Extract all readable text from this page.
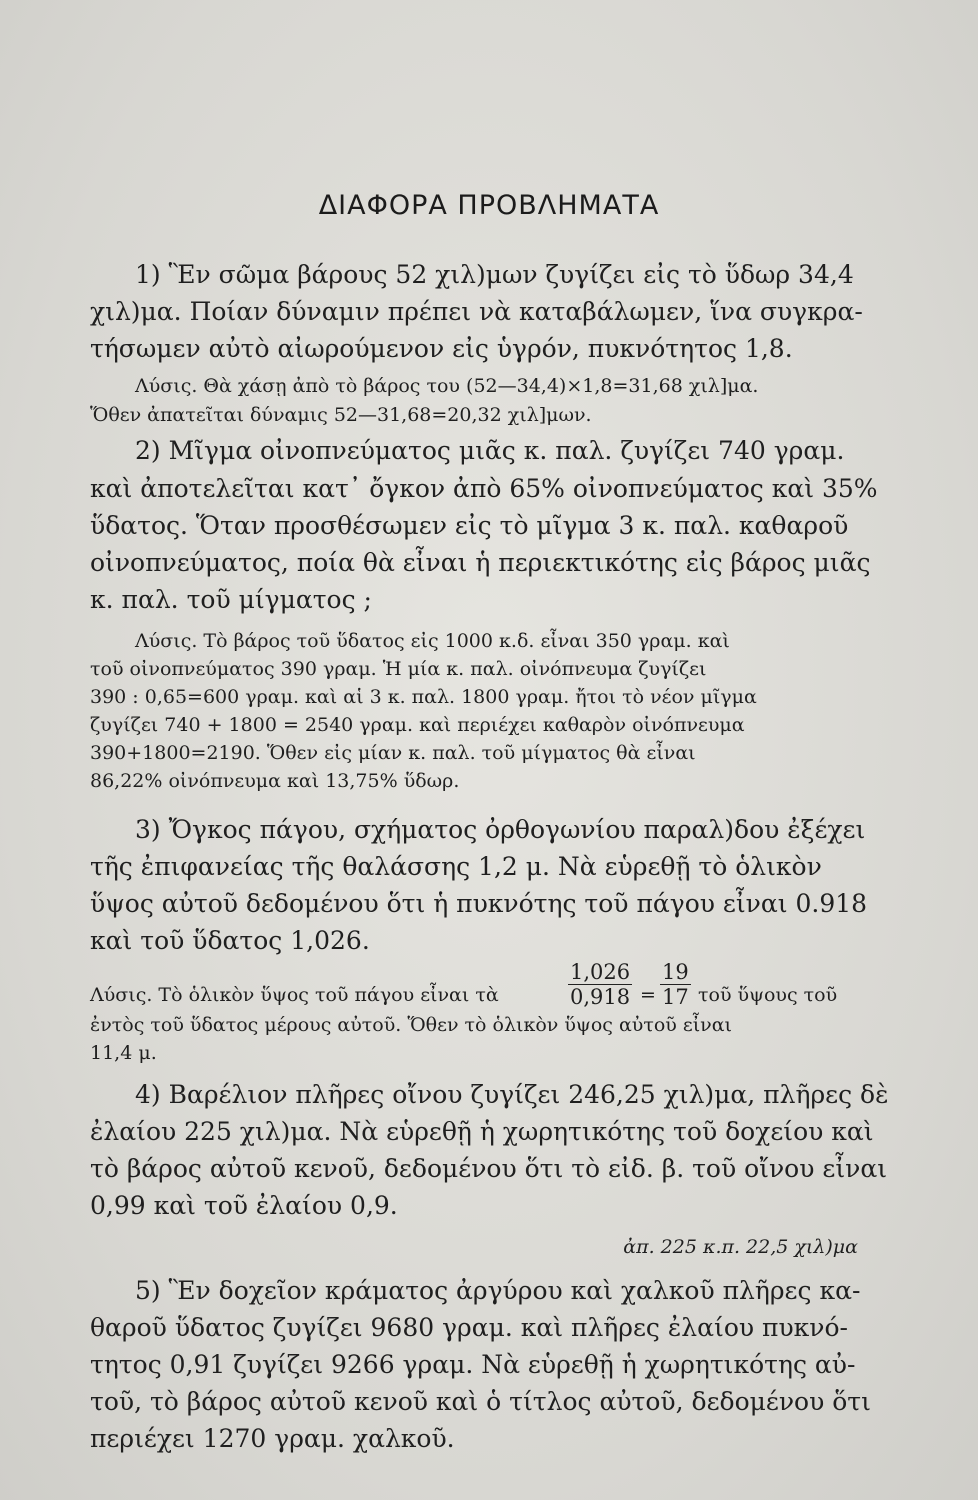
ΔΙΑΦΟΡΑ ΠΡΟΒΛΗΜΑΤΑ
1) Ἓν σῶμα βάρους 52 χιλ)μων ζυγίζει εἰς τὸ ὕδωρ 34,4
χιλ)μα. Ποίαν δύναμιν πρέπει νὰ καταβάλωμεν, ἵνα συγκρα-
τήσωμεν αὐτὸ αἰωρούμενον εἰς ὑγρόν, πυκνότητος 1,8.
Λύσις. Θὰ χάσῃ ἀπὸ τὸ βάρος του (52—34,4)×1,8=31,68 χιλ]μα.
Ὅθεν ἀπατεῖται δύναμις 52—31,68=20,32 χιλ]μων.
2) Μῖγμα οἰνοπνεύματος μιᾶς κ. παλ. ζυγίζει 740 γραμ.
καὶ ἀποτελεῖται κατ᾽ ὄγκον ἀπὸ 65% οἰνοπνεύματος καὶ 35%
ὕδατος. Ὅταν προσθέσωμεν εἰς τὸ μῖγμα 3 κ. παλ. καθαροῦ
οἰνοπνεύματος, ποία θὰ εἶναι ἡ περιεκτικότης εἰς βάρος μιᾶς
κ. παλ. τοῦ μίγματος ;
Λύσις. Τὸ βάρος τοῦ ὕδατος εἰς 1000 κ.δ. εἶναι 350 γραμ. καὶ
τοῦ οἰνοπνεύματος 390 γραμ. Ἡ μία κ. παλ. οἰνόπνευμα ζυγίζει
390 : 0,65=600 γραμ. καὶ αἱ 3 κ. παλ. 1800 γραμ. ἤτοι τὸ νέον μῖγμα
ζυγίζει 740 + 1800 = 2540 γραμ. καὶ περιέχει καθαρὸν οἰνόπνευμα
390+1800=2190. Ὅθεν εἰς μίαν κ. παλ. τοῦ μίγματος θὰ εἶναι
86,22% οἰνόπνευμα καὶ 13,75% ὕδωρ.
3) Ὄγκος πάγου, σχήματος ὀρθογωνίου παραλ)δου ἐξέχει
τῆς ἐπιφανείας τῆς θαλάσσης 1,2 μ. Νὰ εὑρεθῇ τὸ ὁλικὸν
ὕψος αὐτοῦ δεδομένου ὅτι ἡ πυκνότης τοῦ πάγου εἶναι 0.918
καὶ τοῦ ὕδατος 1,026.
Λύσις. Τὸ ὁλικὸν ὕψος τοῦ πάγου εἶναι τὰ	$\frac{1,026}{0,918} = \frac{19}{17}$ τοῦ ὕψους τοῦ
ἐντὸς τοῦ ὕδατος μέρους αὐτοῦ. Ὅθεν τὸ ὁλικὸν ὕψος αὐτοῦ εἶναι
11,4 μ.
4) Βαρέλιον πλῆρες οἴνου ζυγίζει 246,25 χιλ)μα, πλῆρες δὲ
ἐλαίου 225 χιλ)μα. Νὰ εὑρεθῇ ἡ χωρητικότης τοῦ δοχείου καὶ
τὸ βάρος αὐτοῦ κενοῦ, δεδομένου ὅτι τὸ εἰδ. β. τοῦ οἴνου εἶναι
0,99 καὶ τοῦ ἐλαίου 0,9.
ἀπ. 225 κ.π. 22,5 χιλ)μα
5) Ἓν δοχεῖον κράματος ἀργύρου καὶ χαλκοῦ πλῆρες κα-
θαροῦ ὕδατος ζυγίζει 9680 γραμ. καὶ πλῆρες ἐλαίου πυκνό-
τητος 0,91 ζυγίζει 9266 γραμ. Νὰ εὑρεθῇ ἡ χωρητικότης αὐ-
τοῦ, τὸ βάρος αὐτοῦ κενοῦ καὶ ὁ τίτλος αὐτοῦ, δεδομένου ὅτι
περιέχει 1270 γραμ. χαλκοῦ.
